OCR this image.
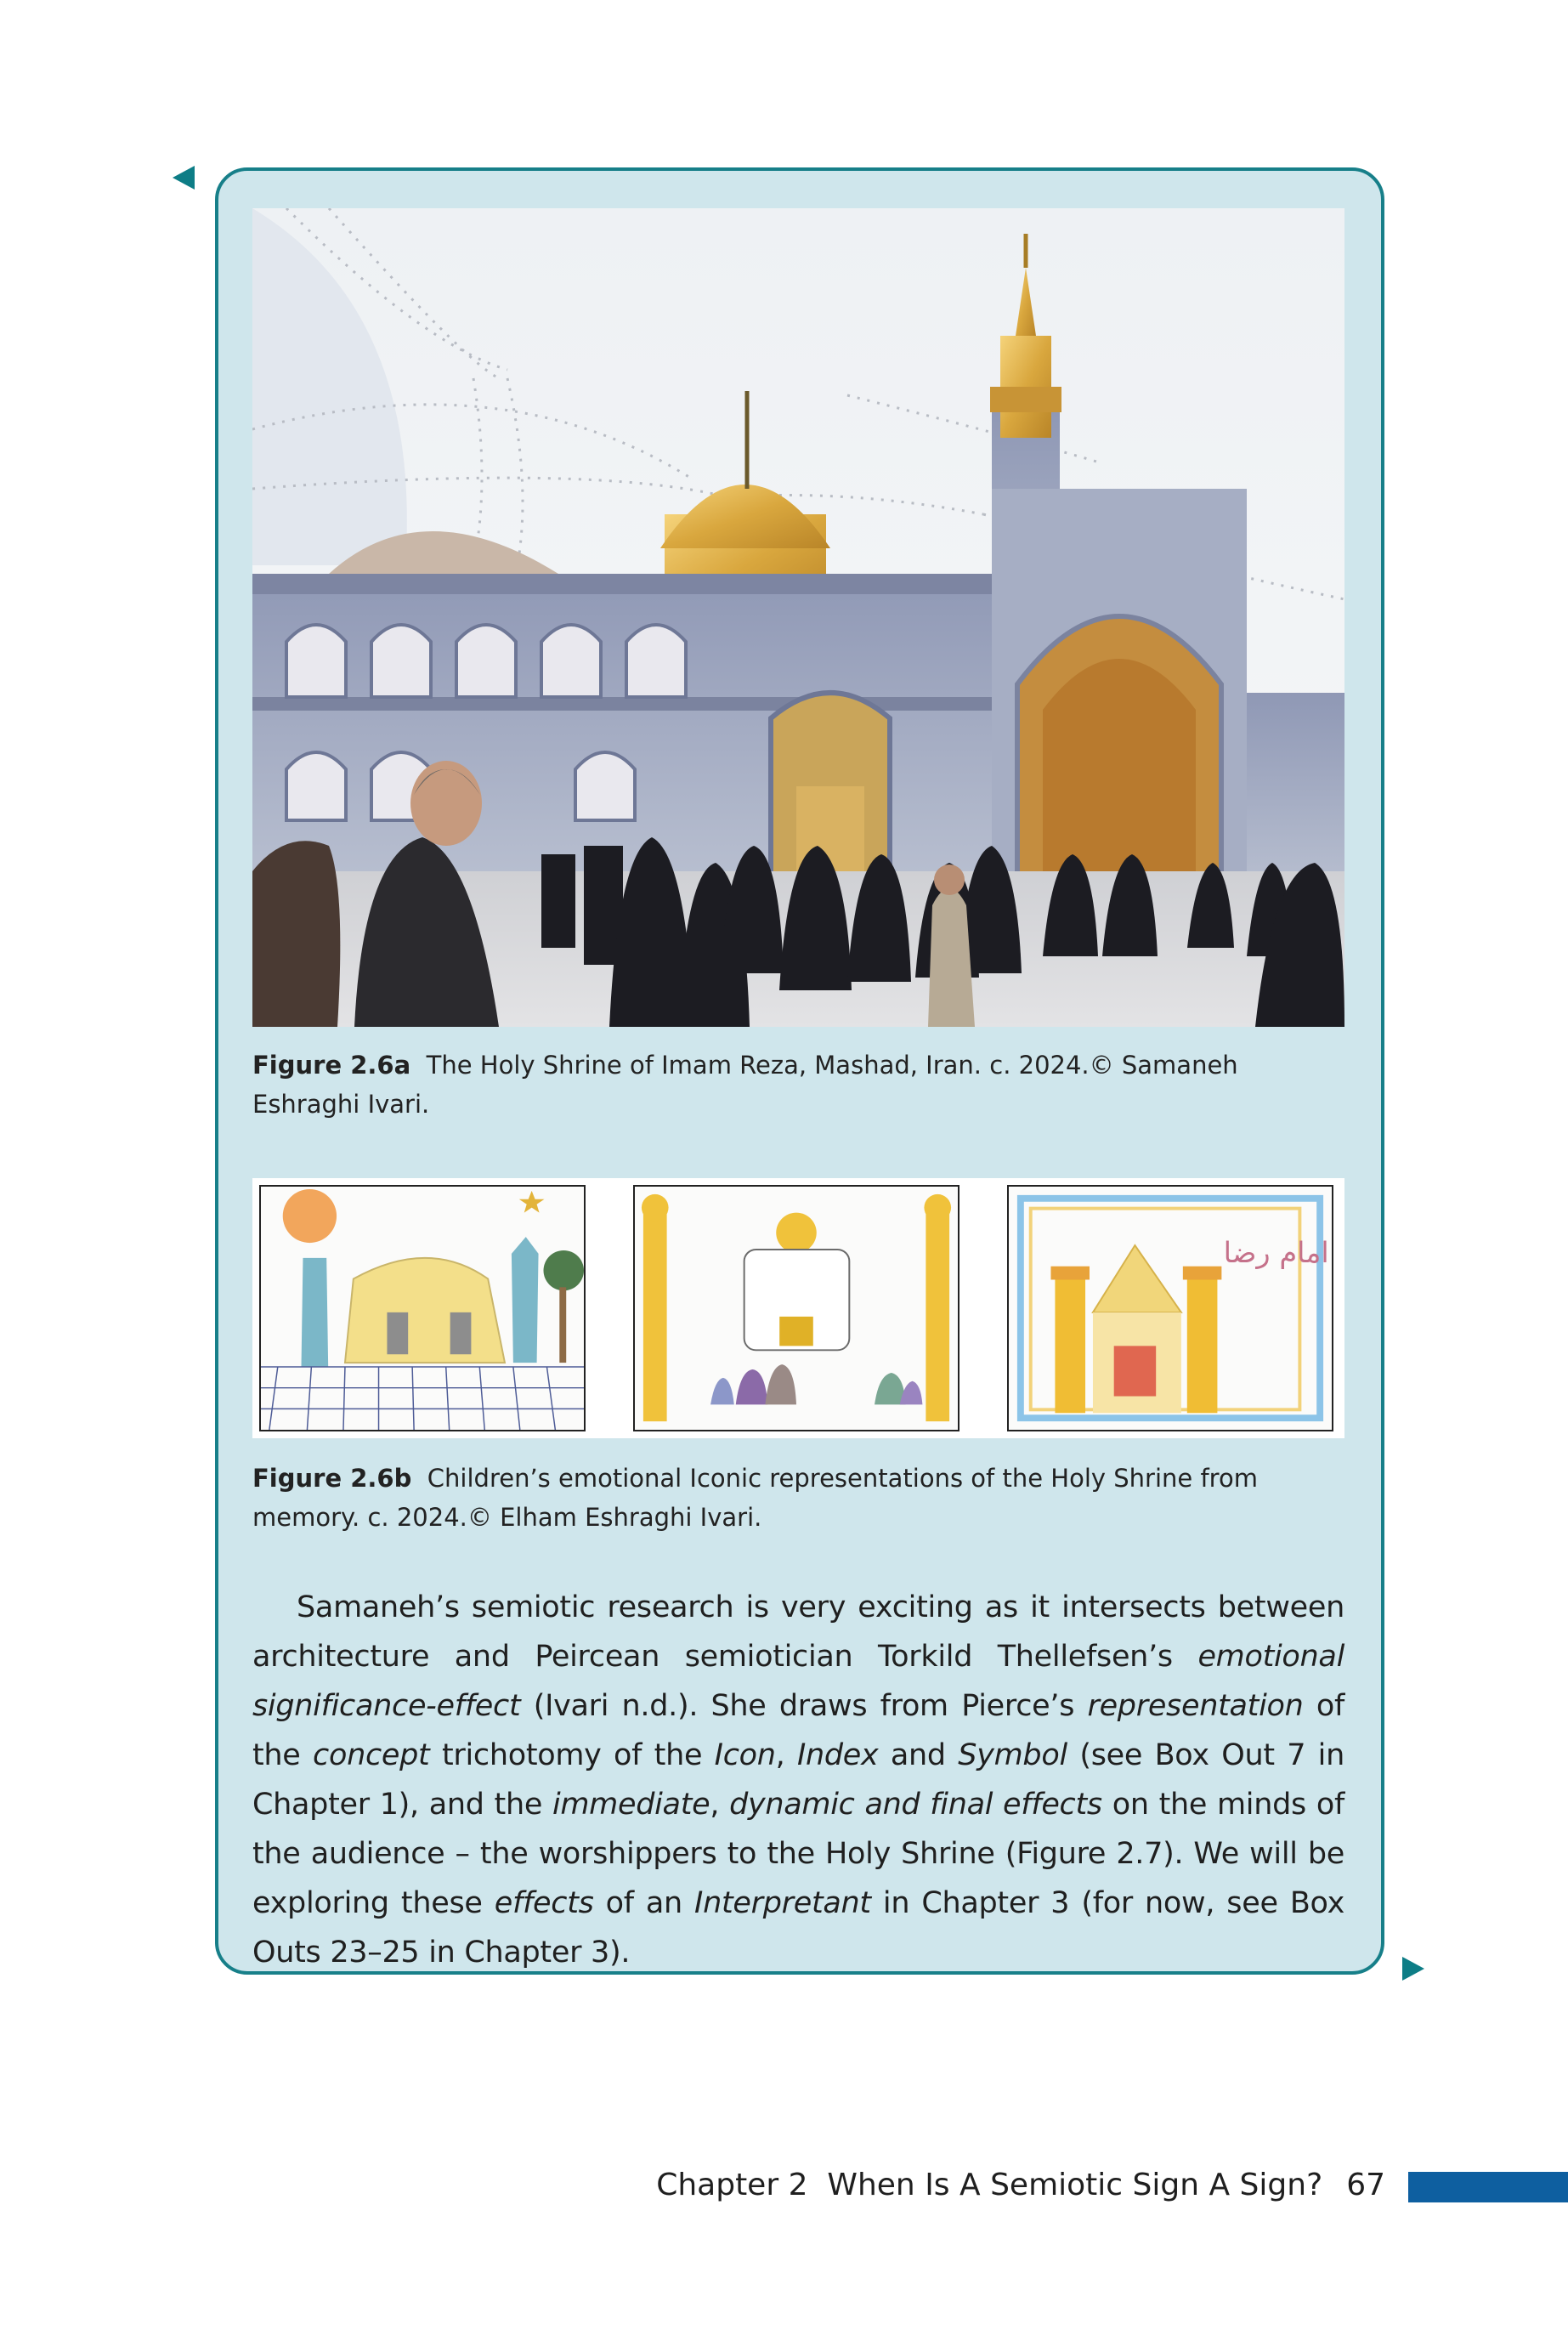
Figure 2.6a The Holy Shrine of Imam Reza, Mashad, Iran. c. 2024.© Samaneh Eshraghi Ivari.
امام رضا
Figure 2.6b Children’s emotional Iconic representations of the Holy Shrine from memory. c. 2024.© Elham Eshraghi Ivari.

Samaneh’s semiotic research is very exciting as it intersects between architecture and Peircean semiotician Torkild Thellefsen’s emotional significance-effect (Ivari n.d.). She draws from Pierce’s representation of the concept trichotomy of the Icon, Index and Symbol (see Box Out 7 in Chapter 1), and the immediate, dynamic and final effects on the minds of the audience – the worshippers to the Holy Shrine (Figure 2.7). We will be exploring these effects of an Interpretant in Chapter 3 (for now, see Box Outs 23–25 in Chapter 3).

Chapter 2  When Is A Semiotic Sign A Sign? 67
